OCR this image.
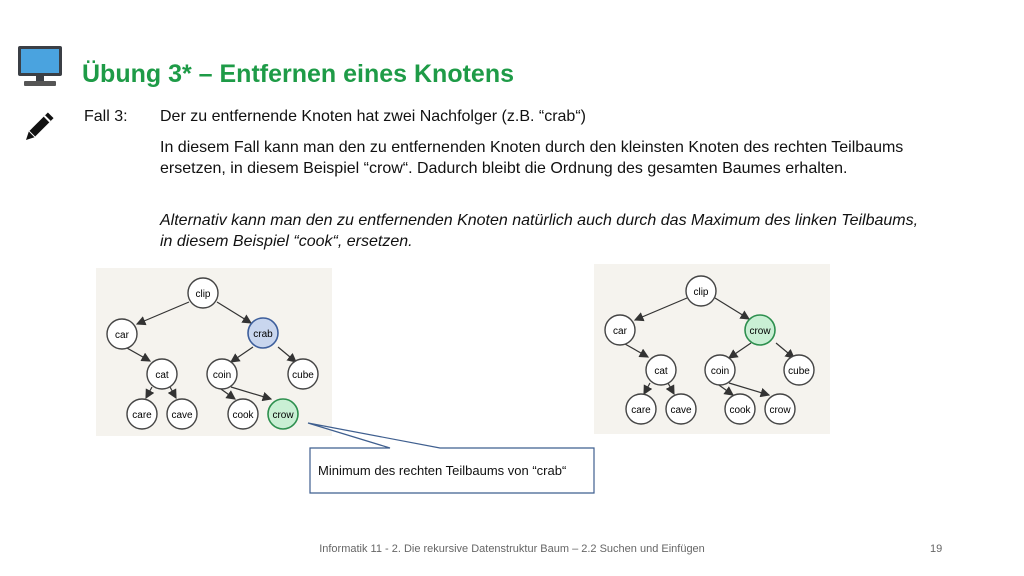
Übung 3* – Entfernen eines Knotens
Fall 3: Der zu entfernende Knoten hat zwei Nachfolger (z.B. “crab“)
In diesem Fall kann man den zu entfernenden Knoten durch den kleinsten Knoten des rechten Teilbaums ersetzen, in diesem Beispiel “crow“. Dadurch bleibt die Ordnung des gesamten Baumes erhalten.
Alternativ kann man den zu entfernenden Knoten natürlich auch durch das Maximum des linken Teilbaums, in diesem Beispiel “cook“, ersetzen.
clip
car	crab
cat
care cave
coin	cube
cook crow
clip
car	crow
cat
care cave
coin	cube
cook crow
Minimum des rechten Teilbaums von “crab“
Informatik 11 - 2. Die rekursive Datenstruktur Baum – 2.2 Suchen und Einfügen	19
